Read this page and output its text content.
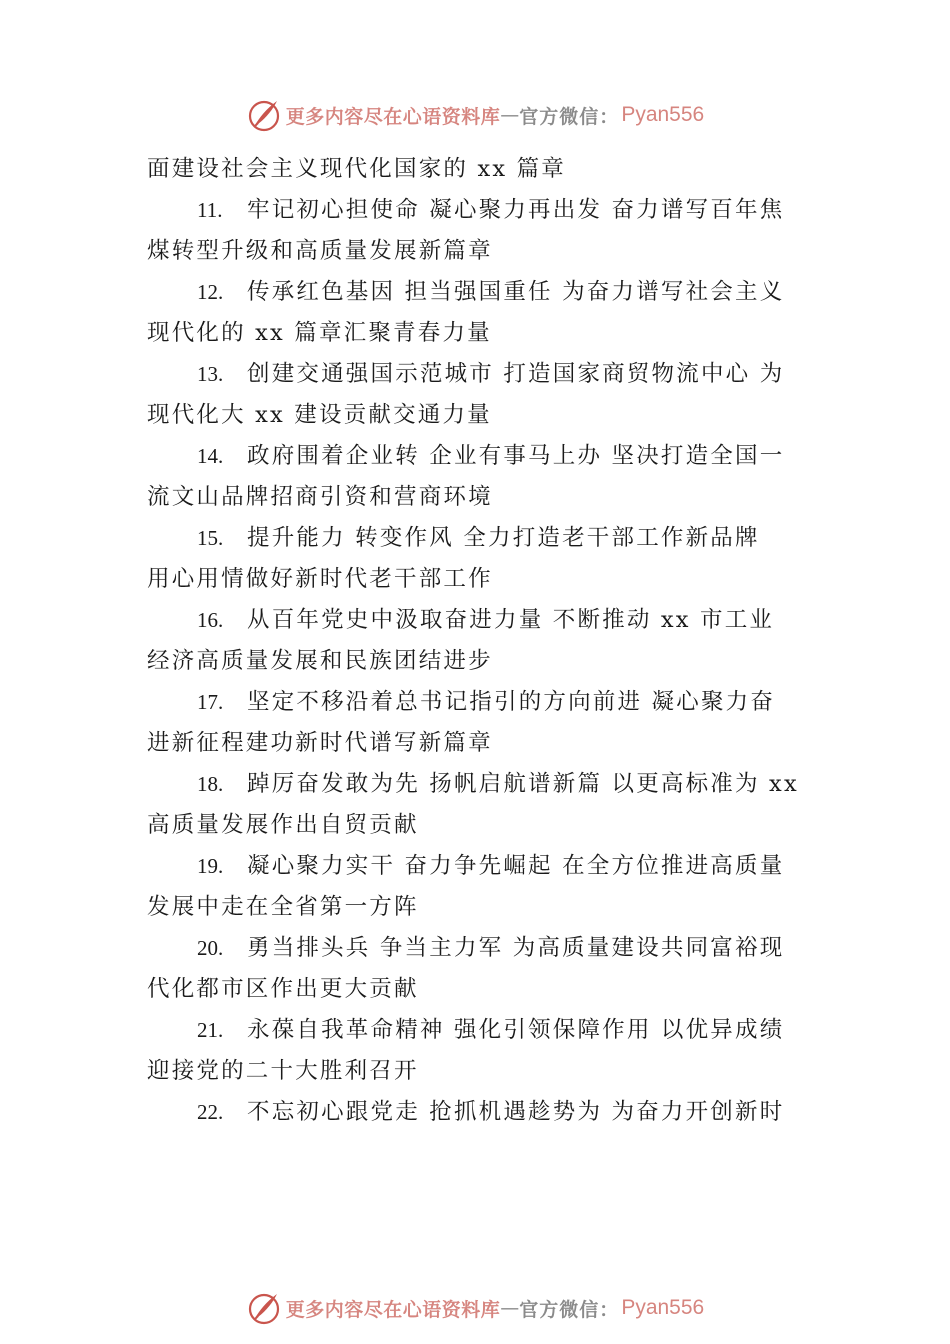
更多内容尽在心语资料库 — 官方微信： Pyan556

面建设社会主义现代化国家的 xx 篇章

11. 牢记初心担使命 凝心聚力再出发 奋力谱写百年焦

煤转型升级和高质量发展新篇章

12. 传承红色基因 担当强国重任 为奋力谱写社会主义

现代化的 xx 篇章汇聚青春力量

13. 创建交通强国示范城市 打造国家商贸物流中心 为

现代化大 xx 建设贡献交通力量

14. 政府围着企业转 企业有事马上办 坚决打造全国一

流文山品牌招商引资和营商环境

15. 提升能力 转变作风 全力打造老干部工作新品牌

用心用情做好新时代老干部工作

16. 从百年党史中汲取奋进力量 不断推动 xx 市工业

经济高质量发展和民族团结进步

17. 坚定不移沿着总书记指引的方向前进 凝心聚力奋

进新征程建功新时代谱写新篇章

18. 踔厉奋发敢为先 扬帆启航谱新篇 以更高标准为 xx

高质量发展作出自贸贡献

19. 凝心聚力实干 奋力争先崛起 在全方位推进高质量

发展中走在全省第一方阵

20. 勇当排头兵 争当主力军 为高质量建设共同富裕现

代化都市区作出更大贡献

21. 永葆自我革命精神 强化引领保障作用 以优异成绩

迎接党的二十大胜利召开

22. 不忘初心跟党走 抢抓机遇趁势为 为奋力开创新时

更多内容尽在心语资料库 — 官方微信： Pyan556
